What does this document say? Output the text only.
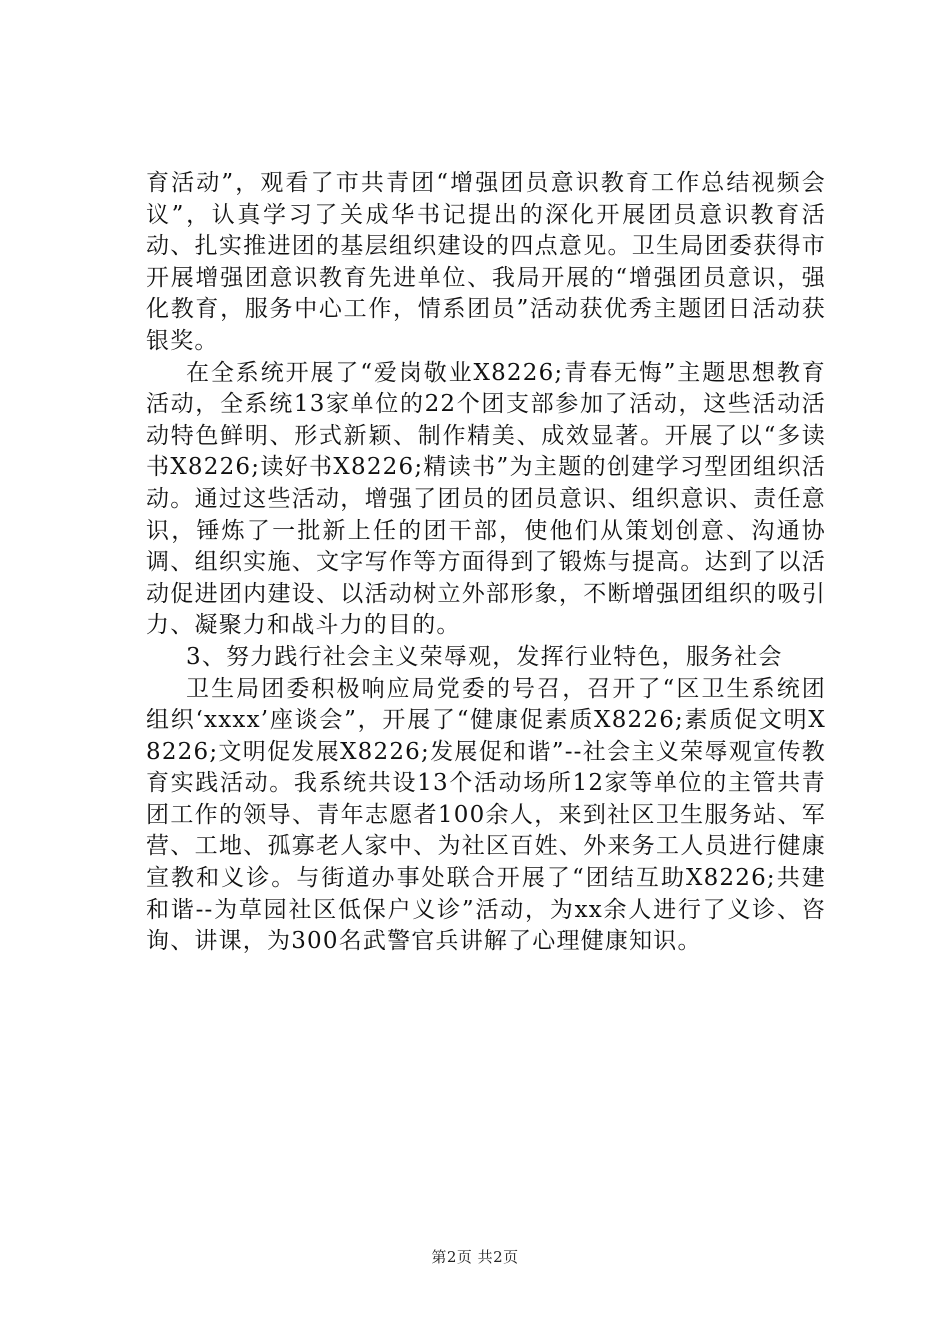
育活动”，观看了市共青团“增强团员意识教育工作总结视频会议”，认真学习了关成华书记提出的深化开展团员意识教育活动、扎实推进团的基层组织建设的四点意见。卫生局团委获得市开展增强团意识教育先进单位、我局开展的“增强团员意识，强化教育，服务中心工作，情系团员”活动获优秀主题团日活动获银奖。

在全系统开展了“爱岗敬业X8226;青春无悔”主题思想教育活动，全系统13家单位的22个团支部参加了活动，这些活动活动特色鲜明、形式新颖、制作精美、成效显著。开展了以“多读书X8226;读好书X8226;精读书”为主题的创建学习型团组织活动。通过这些活动，增强了团员的团员意识、组织意识、责任意识，锤炼了一批新上任的团干部，使他们从策划创意、沟通协调、组织实施、文字写作等方面得到了锻炼与提高。达到了以活动促进团内建设、以活动树立外部形象，不断增强团组织的吸引力、凝聚力和战斗力的目的。

3、努力践行社会主义荣辱观，发挥行业特色，服务社会

卫生局团委积极响应局党委的号召，召开了“区卫生系统团组织‘xxxx’座谈会”，开展了“健康促素质X8226;素质促文明X8226;文明促发展X8226;发展促和谐”--社会主义荣辱观宣传教育实践活动。我系统共设13个活动场所12家等单位的主管共青团工作的领导、青年志愿者100余人，来到社区卫生服务站、军营、工地、孤寡老人家中、为社区百姓、外来务工人员进行健康宣教和义诊。与街道办事处联合开展了“团结互助X8226;共建和谐--为草园社区低保户义诊”活动，为xx余人进行了义诊、咨询、讲课，为300名武警官兵讲解了心理健康知识。

第2页 共2页
